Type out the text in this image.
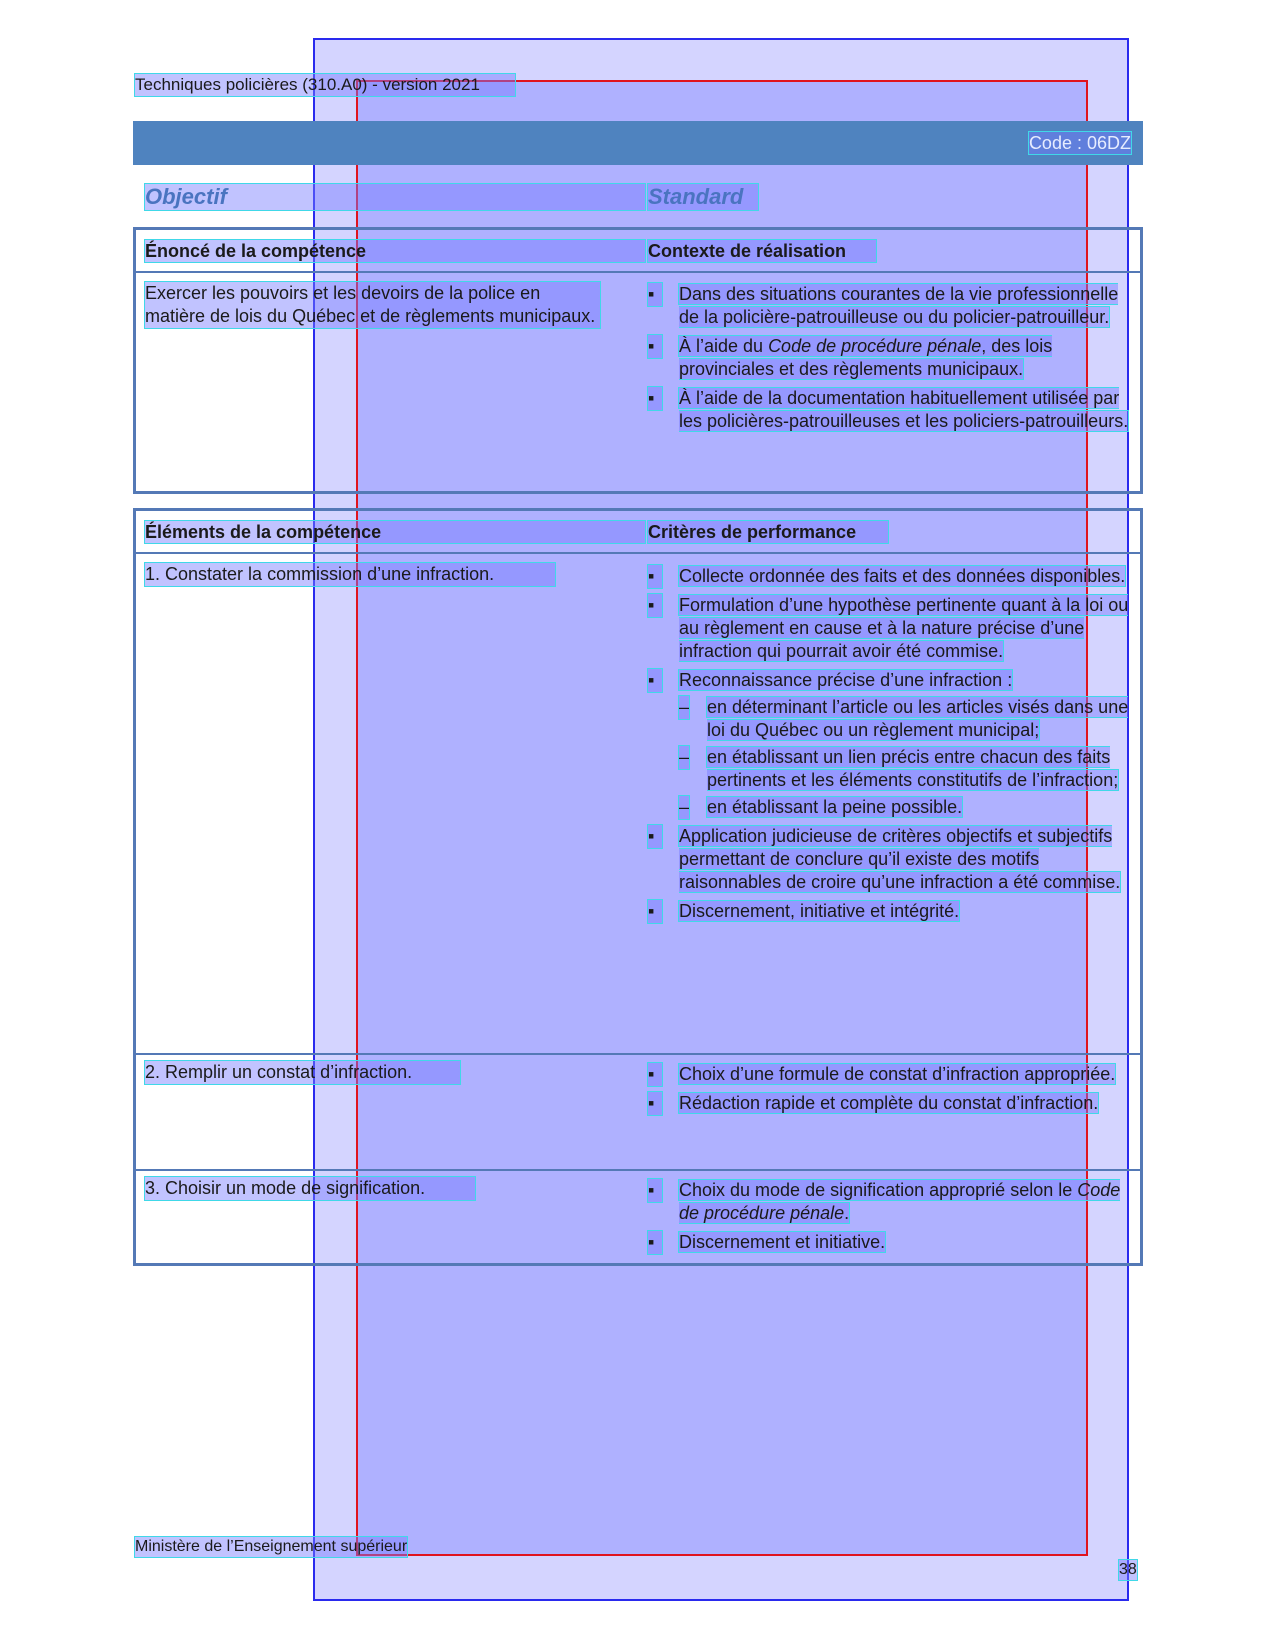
Techniques policières (310.A0) - version 2021
Code : 06DZ
Objectif	Standard
Énoncé de la compétence	Contexte de réalisation
Exercer les pouvoirs et les devoirs de la police en matière de lois du Québec et de règlements municipaux.
▪	Dans des situations courantes de la vie professionnelle de la policière-patrouilleuse ou du policier-patrouilleur.
▪	À l’aide du Code de procédure pénale, des lois provinciales et des règlements municipaux.
▪	À l’aide de la documentation habituellement utilisée par les policières-patrouilleuses et les policiers-patrouilleurs.
Éléments de la compétence	Critères de performance
1. Constater la commission d’une infraction.	▪	Collecte ordonnée des faits et des données disponibles.
▪	Formulation d’une hypothèse pertinente quant à la loi ou au règlement en cause et à la nature précise d’une infraction qui pourrait avoir été commise.
▪	Reconnaissance précise d’une infraction :
– en déterminant l’article ou les articles visés dans une loi du Québec ou un règlement municipal;
– en établissant un lien précis entre chacun des faits pertinents et les éléments constitutifs de l’infraction;
– en établissant la peine possible.
▪	Application judicieuse de critères objectifs et subjectifs permettant de conclure qu’il existe des motifs raisonnables de croire qu’une infraction a été commise.
▪	Discernement, initiative et intégrité.
2. Remplir un constat d’infraction.	▪	Choix d’une formule de constat d’infraction appropriée.
▪	Rédaction rapide et complète du constat d’infraction.
3. Choisir un mode de signification.	▪	Choix du mode de signification approprié selon le Code de procédure pénale.
▪	Discernement et initiative.
Ministère de l’Enseignement supérieur
38
